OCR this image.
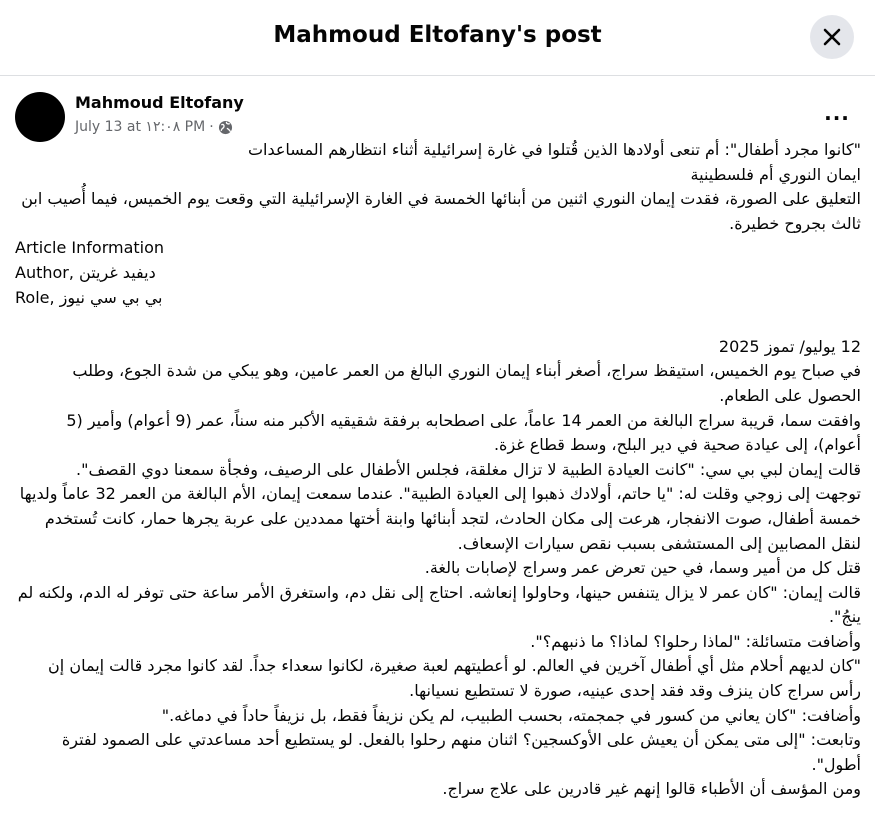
Mahmoud Eltofany's post
Mahmoud Eltofany
July 13 at ١٢:٠٨ PM ·
...
"كانوا مجرد أطفال": أم تنعى أولادها الذين قُتلوا في غارة إسرائيلية أثناء انتظارهم المساعدات
ايمان النوري أم فلسطينية
التعليق على الصورة، فقدت إيمان النوري اثنين من أبنائها الخمسة في الغارة الإسرائيلية التي وقعت يوم الخميس، فيما أُصيب ابن ثالث بجروح خطيرة.
Article Information
Author, ديفيد غريتن
Role, بي بي سي نيوز

12 يوليو/ تموز 2025
في صباح يوم الخميس، استيقظ سراج، أصغر أبناء إيمان النوري البالغ من العمر عامين، وهو يبكي من شدة الجوع، وطلب الحصول على الطعام.
وافقت سما، قريبة سراج البالغة من العمر 14 عاماً، على اصطحابه برفقة شقيقيه الأكبر منه سناً، عمر (9 أعوام) وأمير (5 أعوام)، إلى عيادة صحية في دير البلح، وسط قطاع غزة.
قالت إيمان لبي بي سي: "كانت العيادة الطبية لا تزال مغلقة، فجلس الأطفال على الرصيف، وفجأة سمعنا دوي القصف".
توجهت إلى زوجي وقلت له: "يا حاتم، أولادك ذهبوا إلى العيادة الطبية". عندما سمعت إيمان، الأم البالغة من العمر 32 عاماً ولديها خمسة أطفال، صوت الانفجار، هرعت إلى مكان الحادث، لتجد أبنائها وابنة أختها ممددين على عربة يجرها حمار، كانت تُستخدم لنقل المصابين إلى المستشفى بسبب نقص سيارات الإسعاف.
قتل كل من أمير وسما، في حين تعرض عمر وسراج لإصابات بالغة.
قالت إيمان: "كان عمر لا يزال يتنفس حينها، وحاولوا إنعاشه. احتاج إلى نقل دم، واستغرق الأمر ساعة حتى توفر له الدم، ولكنه لم ينجُ".
وأضافت متسائلة: "لماذا رحلوا؟ لماذا؟ ما ذنبهم؟".
"كان لديهم أحلام مثل أي أطفال آخرين في العالم. لو أعطيتهم لعبة صغيرة، لكانوا سعداء جداً. لقد كانوا مجرد قالت إيمان إن رأس سراج كان ينزف وقد فقد إحدى عينيه، صورة لا تستطيع نسيانها.
وأضافت: "كان يعاني من كسور في جمجمته، بحسب الطبيب، لم يكن نزيفاً فقط، بل نزيفاً حاداً في دماغه."
وتابعت: "إلى متى يمكن أن يعيش على الأوكسجين؟ اثنان منهم رحلوا بالفعل. لو يستطيع أحد مساعدتي على الصمود لفترة أطول".
ومن المؤسف أن الأطباء قالوا إنهم غير قادرين على علاج سراج.
